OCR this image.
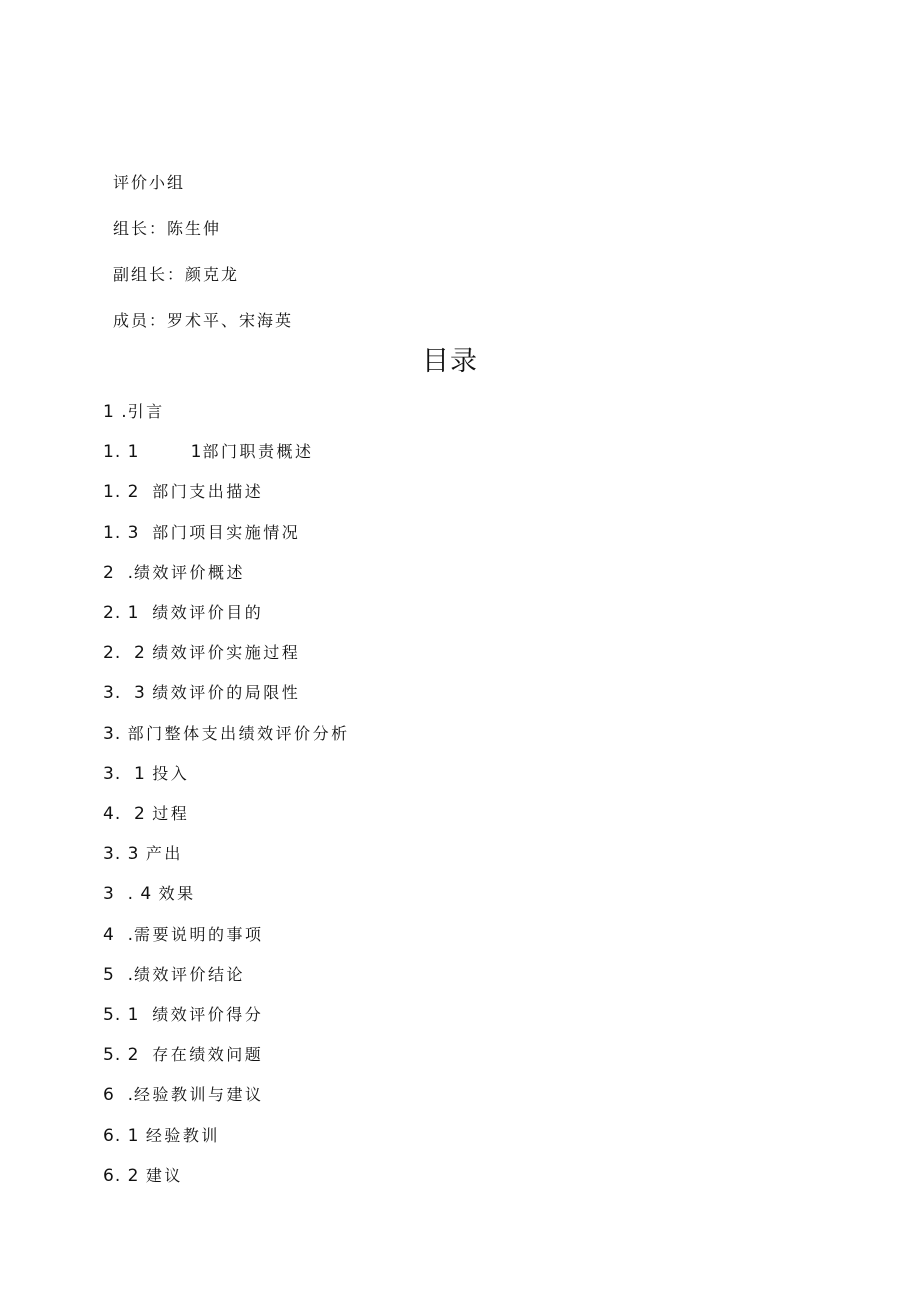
评价小组
组长：陈生伸
副组长：颜克龙
成员：罗术平、宋海英
目录
1 .引言
1. 1        1部门职责概述
1. 2  部门支出描述
1. 3  部门项目实施情况
2  .绩效评价概述
2. 1  绩效评价目的
2.  2 绩效评价实施过程
3.  3 绩效评价的局限性
3. 部门整体支出绩效评价分析
3.  1 投入
4.  2 过程
3. 3 产出
3  . 4 效果
4  .需要说明的事项
5  .绩效评价结论
5. 1  绩效评价得分
5. 2  存在绩效问题
6  .经验教训与建议
6. 1 经验教训
6. 2 建议
